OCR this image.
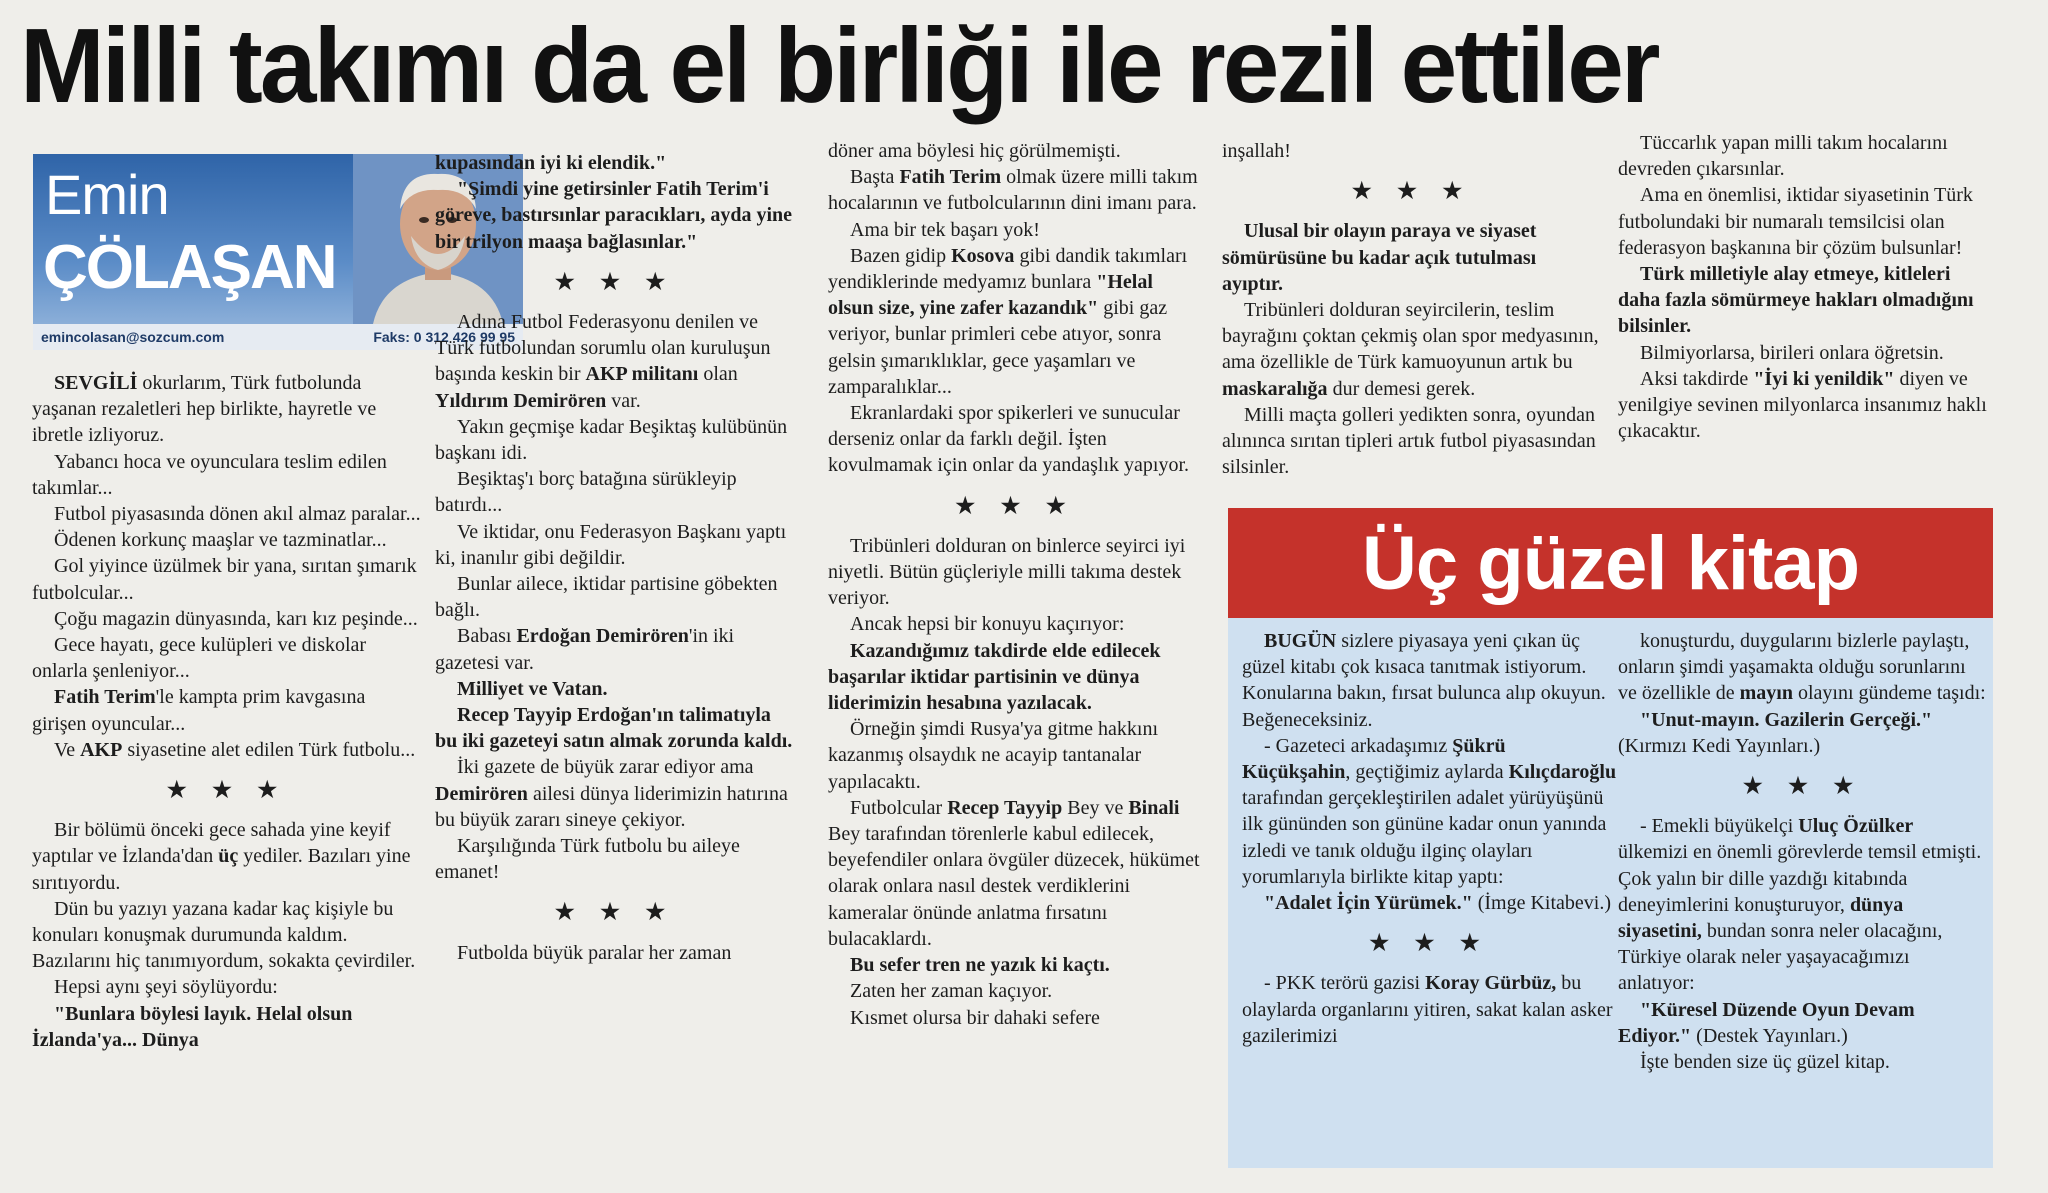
Milli takımı da el birliği ile rezil ettiler
Emin
ÇÖLAŞAN
emincolasan@sozcum.com	Faks: 0 312 426 99 95

SEVGİLİ okurlarım, Türk futbolunda yaşanan rezaletleri hep birlikte, hayretle ve ibretle izliyoruz.

Yabancı hoca ve oyunculara teslim edilen takımlar...

Futbol piyasasında dönen akıl almaz paralar...

Ödenen korkunç maaşlar ve tazminatlar...

Gol yiyince üzülmek bir yana, sırıtan şımarık futbolcular...

Çoğu magazin dünyasında, karı kız peşinde...

Gece hayatı, gece kulüpleri ve diskolar onlarla şenleniyor...

Fatih Terim'le kampta prim kavgasına girişen oyuncular...

Ve AKP siyasetine alet edilen Türk futbolu...

★ ★ ★

Bir bölümü önceki gece sahada yine keyif yaptılar ve İzlanda'dan üç yediler. Bazıları yine sırıtıyordu.

Dün bu yazıyı yazana kadar kaç kişiyle bu konuları konuşmak durumunda kaldım. Bazılarını hiç tanımıyordum, sokakta çevirdiler.

Hepsi aynı şeyi söylüyordu:

"Bunlara böylesi layık. Helal olsun İzlanda'ya... Dünya

kupasından iyi ki elendik."

"Şimdi yine getirsinler Fatih Terim'i göreve, bastırsınlar paracıkları, ayda yine bir trilyon maaşa bağlasınlar."

★ ★ ★

Adına Futbol Federasyonu denilen ve Türk futbolundan sorumlu olan kuruluşun başında keskin bir AKP militanı olan Yıldırım Demirören var.

Yakın geçmişe kadar Beşiktaş kulübünün başkanı idi.

Beşiktaş'ı borç batağına sürükleyip batırdı...

Ve iktidar, onu Federasyon Başkanı yaptı ki, inanılır gibi değildir.

Bunlar ailece, iktidar partisine göbekten bağlı.

Babası Erdoğan Demirören'in iki gazetesi var.

Milliyet ve Vatan.

Recep Tayyip Erdoğan'ın talimatıyla bu iki gazeteyi satın almak zorunda kaldı.

İki gazete de büyük zarar ediyor ama Demirören ailesi dünya liderimizin hatırına bu büyük zararı sineye çekiyor.

Karşılığında Türk futbolu bu aileye emanet!

★ ★ ★

Futbolda büyük paralar her zaman

döner ama böylesi hiç görülmemişti.

Başta Fatih Terim olmak üzere milli takım hocalarının ve futbolcularının dini imanı para.

Ama bir tek başarı yok!

Bazen gidip Kosova gibi dandik takımları yendiklerinde medyamız bunlara "Helal olsun size, yine zafer kazandık" gibi gaz veriyor, bunlar primleri cebe atıyor, sonra gelsin şımarıklıklar, gece yaşamları ve zamparalıklar...

Ekranlardaki spor spikerleri ve sunucular derseniz onlar da farklı değil. İşten kovulmamak için onlar da yandaşlık yapıyor.

★ ★ ★

Tribünleri dolduran on binlerce seyirci iyi niyetli. Bütün güçleriyle milli takıma destek veriyor.

Ancak hepsi bir konuyu kaçırıyor:

Kazandığımız takdirde elde edilecek başarılar iktidar partisinin ve dünya liderimizin hesabına yazılacak.

Örneğin şimdi Rusya'ya gitme hakkını kazanmış olsaydık ne acayip tantanalar yapılacaktı.

Futbolcular Recep Tayyip Bey ve Binali Bey tarafından törenlerle kabul edilecek, beyefendiler onlara övgüler düzecek, hükümet olarak onlara nasıl destek verdiklerini kameralar önünde anlatma fırsatını bulacaklardı.

Bu sefer tren ne yazık ki kaçtı.

Zaten her zaman kaçıyor.

Kısmet olursa bir dahaki sefere

inşallah!

★ ★ ★

Ulusal bir olayın paraya ve siyaset sömürüsüne bu kadar açık tutulması ayıptır.

Tribünleri dolduran seyircilerin, teslim bayrağını çoktan çekmiş olan spor medyasının, ama özellikle de Türk kamuoyunun artık bu maskaralığa dur demesi gerek.

Milli maçta golleri yedikten sonra, oyundan alınınca sırıtan tipleri artık futbol piyasasından silsinler.

Tüccarlık yapan milli takım hocalarını devreden çıkarsınlar.

Ama en önemlisi, iktidar siyasetinin Türk futbolundaki bir numaralı temsilcisi olan federasyon başkanına bir çözüm bulsunlar!

Türk milletiyle alay etmeye, kitleleri daha fazla sömürmeye hakları olmadığını bilsinler.

Bilmiyorlarsa, birileri onlara öğretsin.

Aksi takdirde "İyi ki yenildik" diyen ve yenilgiye sevinen milyonlarca insanımız haklı çıkacaktır.

Üç güzel kitap

BUGÜN sizlere piyasaya yeni çıkan üç güzel kitabı çok kısaca tanıtmak istiyorum. Konularına bakın, fırsat bulunca alıp okuyun. Beğeneceksiniz.

- Gazeteci arkadaşımız Şükrü Küçükşahin, geçtiğimiz aylarda Kılıçdaroğlu tarafından gerçekleştirilen adalet yürüyüşünü ilk gününden son gününe kadar onun yanında izledi ve tanık olduğu ilginç olayları yorumlarıyla birlikte kitap yaptı:

"Adalet İçin Yürümek." (İmge Kitabevi.)

★ ★ ★

- PKK terörü gazisi Koray Gürbüz, bu olaylarda organlarını yitiren, sakat kalan asker gazilerimizi

konuşturdu, duygularını bizlerle paylaştı, onların şimdi yaşamakta olduğu sorunlarını ve özellikle de mayın olayını gündeme taşıdı:

"Unut-mayın. Gazilerin Gerçeği." (Kırmızı Kedi Yayınları.)

★ ★ ★

- Emekli büyükelçi Uluç Özülker ülkemizi en önemli görevlerde temsil etmişti. Çok yalın bir dille yazdığı kitabında deneyimlerini konuşturuyor, dünya siyasetini, bundan sonra neler olacağını, Türkiye olarak neler yaşayacağımızı anlatıyor:

"Küresel Düzende Oyun Devam Ediyor." (Destek Yayınları.)

İşte benden size üç güzel kitap.
